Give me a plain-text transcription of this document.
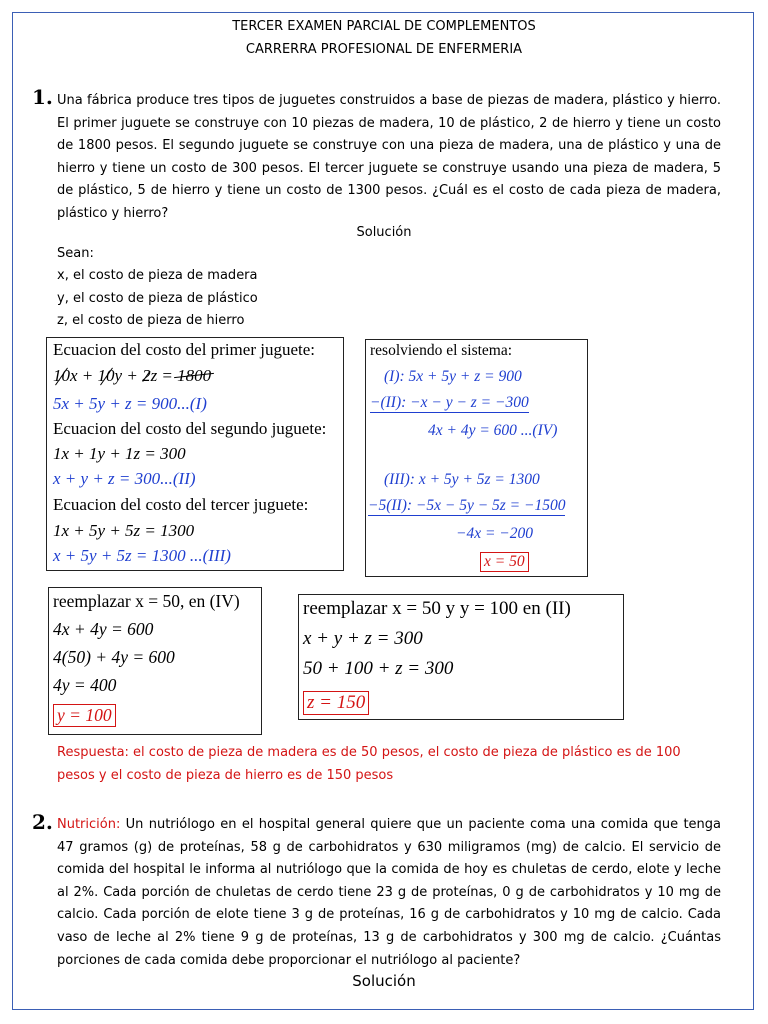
TERCER EXAMEN PARCIAL DE COMPLEMENTOS
CARRERRA PROFESIONAL DE ENFERMERIA
1. Una fábrica produce tres tipos de juguetes construidos a base de piezas de madera, plástico y hierro. El primer juguete se construye con 10 piezas de madera, 10 de plástico, 2 de hierro y tiene un costo de 1800 pesos. El segundo juguete se construye con una pieza de madera, una de plástico y una de hierro y tiene un costo de 300 pesos. El tercer juguete se construye usando una pieza de madera, 5 de plástico, 5 de hierro y tiene un costo de 1300 pesos. ¿Cuál es el costo de cada pieza de madera, plástico y hierro?

Solución
Sean:
x, el costo de pieza de madera
y, el costo de pieza de plástico
z, el costo de pieza de hierro
Ecuacion del costo del primer juguete:
10x + 10y + 2z = 1800
5x + 5y + z = 900...(I)
Ecuacion del costo del segundo juguete:
1x + 1y + 1z = 300
x + y + z = 300...(II)
Ecuacion del costo del tercer juguete:
1x + 5y + 5z = 1300
x + 5y + 5z = 1300 ...(III)
resolviendo el sistema:
(I): 5x + 5y + z = 900
−(II): −x − y − z = −300
4x + 4y = 600 ...(IV)
(III): x + 5y + 5z = 1300
−5(II): −5x − 5y − 5z = −1500
−4x = −200
x = 50
reemplazar x = 50, en (IV)
4x + 4y = 600
4(50) + 4y = 600
4y = 400
y = 100
reemplazar x = 50 y y = 100 en (II)
x + y + z = 300
50 + 100 + z = 300
z = 150

Respuesta: el costo de pieza de madera es de 50 pesos, el costo de pieza de plástico es de 100 pesos y el costo de pieza de hierro es de 150 pesos

2. Nutrición: Un nutriólogo en el hospital general quiere que un paciente coma una comida que tenga 47 gramos (g) de proteínas, 58 g de carbohidratos y 630 miligramos (mg) de calcio. El servicio de comida del hospital le informa al nutriólogo que la comida de hoy es chuletas de cerdo, elote y leche al 2%. Cada porción de chuletas de cerdo tiene 23 g de proteínas, 0 g de carbohidratos y 10 mg de calcio. Cada porción de elote tiene 3 g de proteínas, 16 g de carbohidratos y 10 mg de calcio. Cada vaso de leche al 2% tiene 9 g de proteínas, 13 g de carbohidratos y 300 mg de calcio. ¿Cuántas porciones de cada comida debe proporcionar el nutriólogo al paciente?

Solución
